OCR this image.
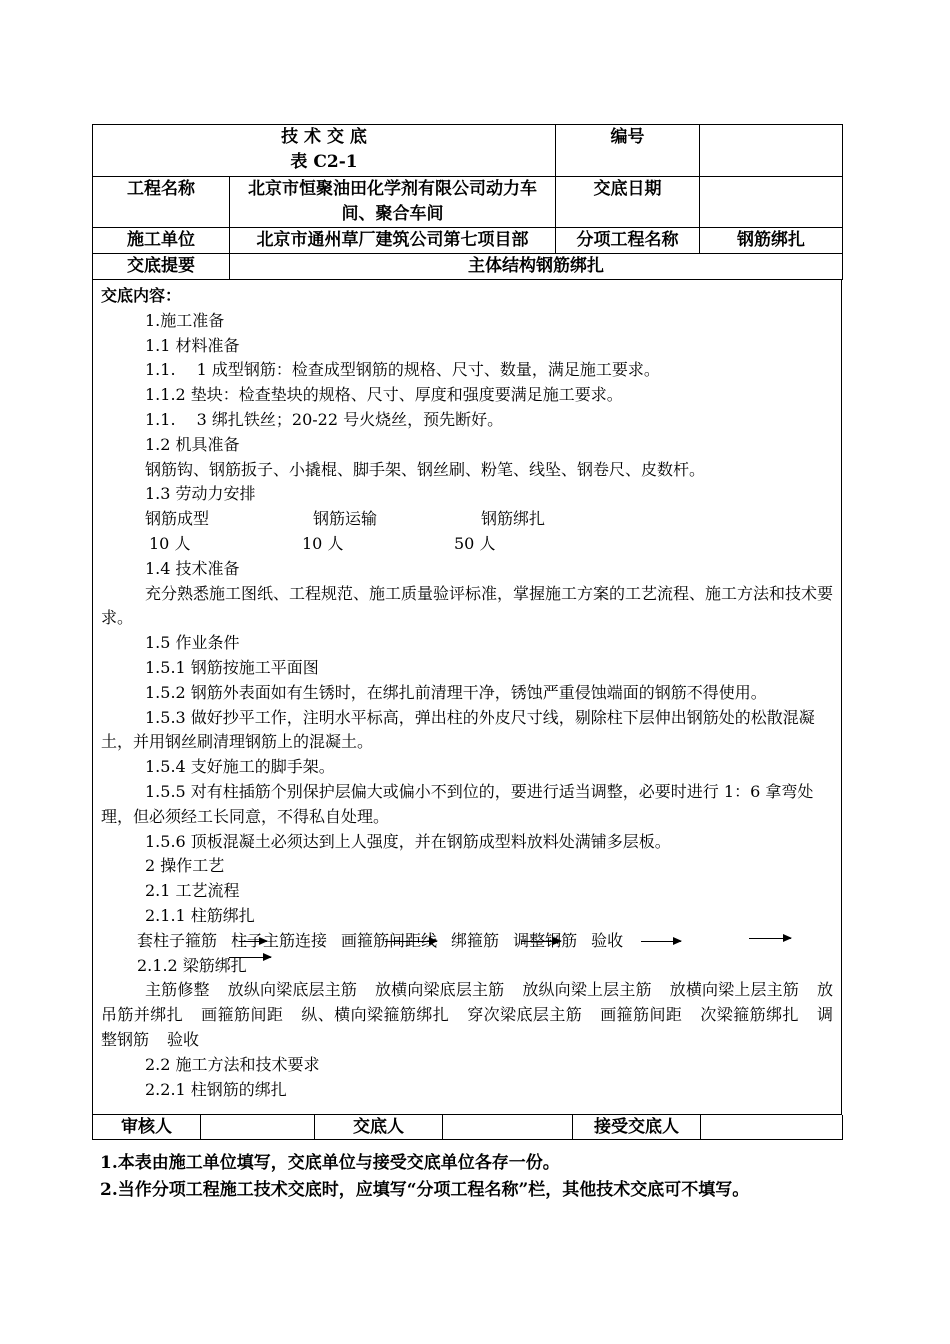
技 术 交 底
表 C2-1		编号	
工程名称	北京市恒聚油田化学剂有限公司动力车间、聚合车间	交底日期	
施工单位	北京市通州草厂建筑公司第七项目部	分项工程名称	钢筋绑扎
交底提要	主体结构钢筋绑扎		

交底内容：

1.施工准备

1.1 材料准备

1.1.　 1 成型钢筋：检查成型钢筋的规格、尺寸、数量，满足施工要求。

1.1.2 垫块：检查垫块的规格、尺寸、厚度和强度要满足施工要求。

1.1.　 3 绑扎铁丝；20-22 号火烧丝，预先断好。

1.2 机具准备

钢筋钩、钢筋扳子、小撬棍、脚手架、钢丝刷、粉笔、线坠、钢卷尺、皮数杆。

1.3 劳动力安排

钢筋成型	钢筋运输	钢筋绑扎
10 人	10 人	50 人

1.4 技术准备

充分熟悉施工图纸、工程规范、施工质量验评标准，掌握施工方案的工艺流程、施工方法和技术要求。

1.5 作业条件

1.5.1 钢筋按施工平面图

1.5.2 钢筋外表面如有生锈时，在绑扎前清理干净，锈蚀严重侵蚀端面的钢筋不得使用。

1.5.3 做好抄平工作，注明水平标高，弹出柱的外皮尺寸线，剔除柱下层伸出钢筋处的松散混凝土，并用钢丝刷清理钢筋上的混凝土。

1.5.4 支好施工的脚手架。

1.5.5 对有柱插筋个别保护层偏大或偏小不到位的，要进行适当调整，必要时进行 1：6 拿弯处理，但必须经工长同意，不得私自处理。

1.5.6 顶板混凝土必须达到上人强度，并在钢筋成型料放料处满铺多层板。

2 操作工艺

2.1 工艺流程

2.1.1 柱筋绑扎

套柱子箍筋 柱子主筋连接 画箍筋间距线 绑箍筋 调整钢筋 验收

2.1.2 梁筋绑扎

主筋修整 放纵向梁底层主筋 放横向梁底层主筋 放纵向梁上层主筋 放横向梁上层主筋 放吊筋并绑扎 画箍筋间距 纵、横向梁箍筋绑扎 穿次梁底层主筋 画箍筋间距 次梁箍筋绑扎 调整钢筋 验收

2.2 施工方法和技术要求

2.2.1 柱钢筋的绑扎

审核人		交底人		接受交底人	

1.本表由施工单位填写，交底单位与接受交底单位各存一份。

2.当作分项工程施工技术交底时，应填写“分项工程名称”栏，其他技术交底可不填写。
